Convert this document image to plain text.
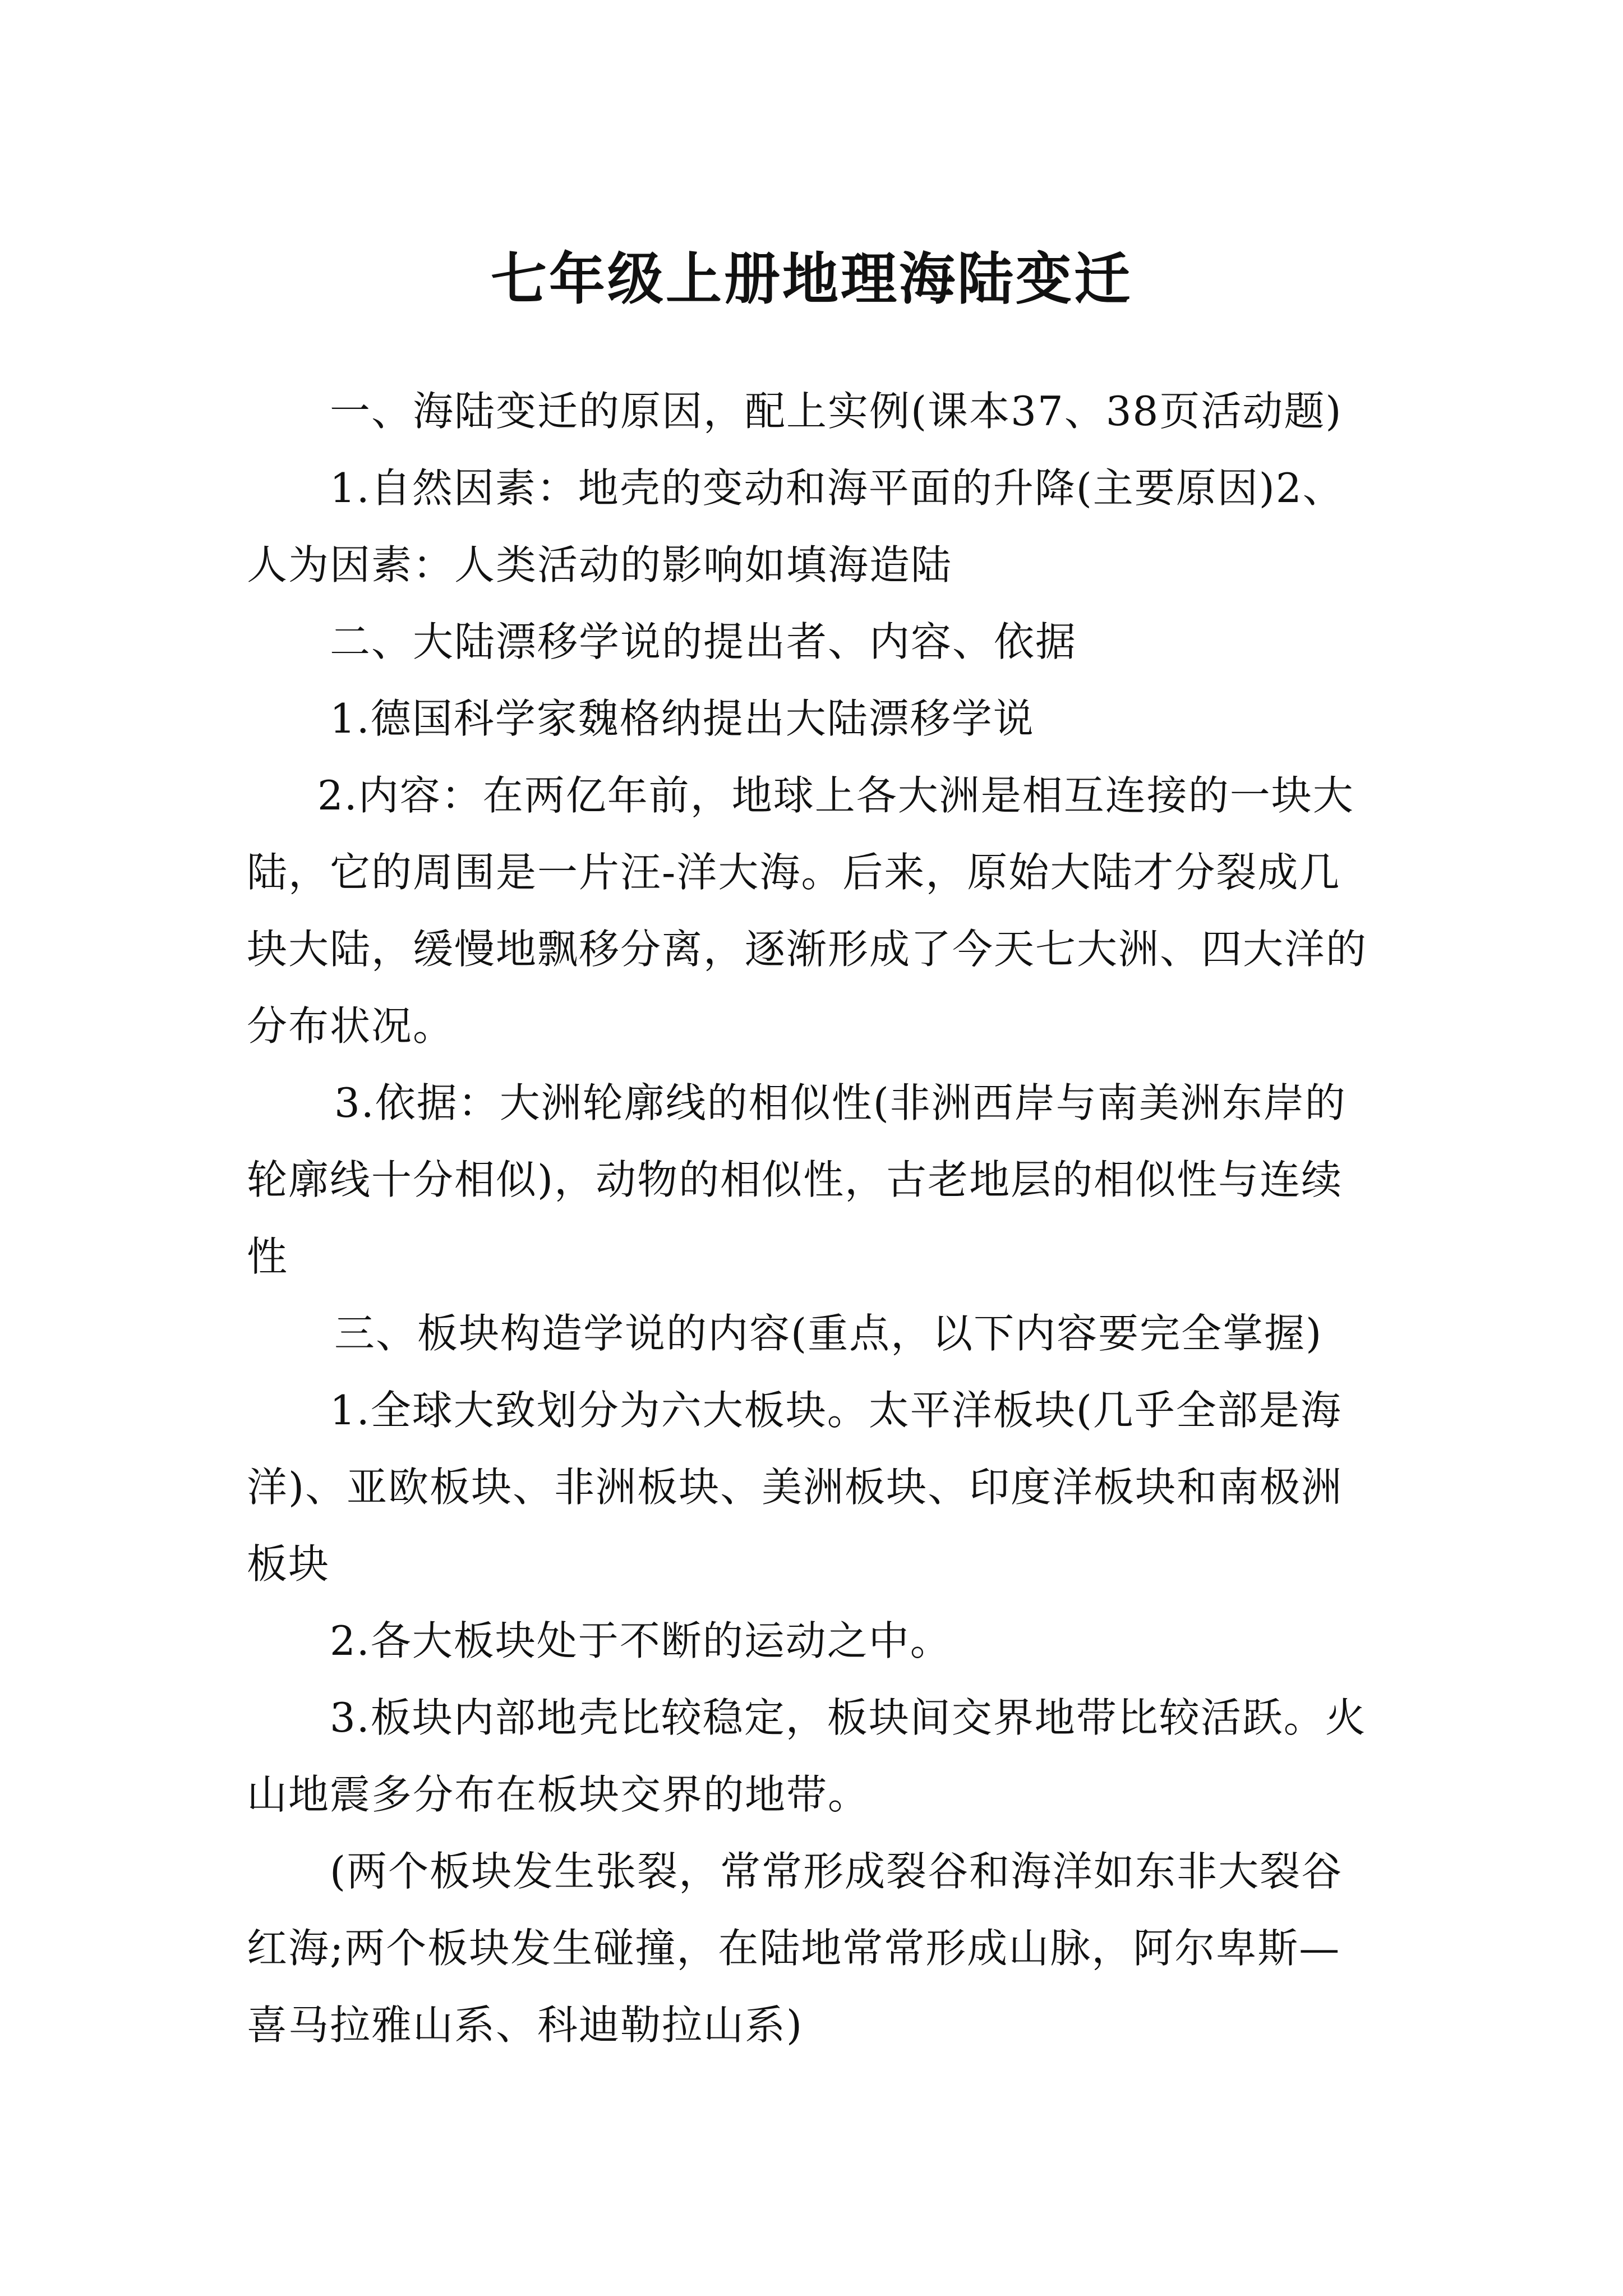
七年级上册地理海陆变迁

一、海陆变迁的原因，配上实例(课本37、38页活动题)

1.自然因素：地壳的变动和海平面的升降(主要原因)2、人为因素：人类活动的影响如填海造陆

二、大陆漂移学说的提出者、内容、依据

1.德国科学家魏格纳提出大陆漂移学说

2.内容：在两亿年前，地球上各大洲是相互连接的一块大陆，它的周围是一片汪-洋大海。后来，原始大陆才分裂成几块大陆，缓慢地飘移分离，逐渐形成了今天七大洲、四大洋的分布状况。

3.依据：大洲轮廓线的相似性(非洲西岸与南美洲东岸的轮廓线十分相似)，动物的相似性，古老地层的相似性与连续性

三、板块构造学说的内容(重点，以下内容要完全掌握)

1.全球大致划分为六大板块。太平洋板块(几乎全部是海洋)、亚欧板块、非洲板块、美洲板块、印度洋板块和南极洲板块

2.各大板块处于不断的运动之中。

3.板块内部地壳比较稳定，板块间交界地带比较活跃。火山地震多分布在板块交界的地带。

(两个板块发生张裂，常常形成裂谷和海洋如东非大裂谷红海;两个板块发生碰撞，在陆地常常形成山脉，阿尔卑斯—喜马拉雅山系、科迪勒拉山系)
